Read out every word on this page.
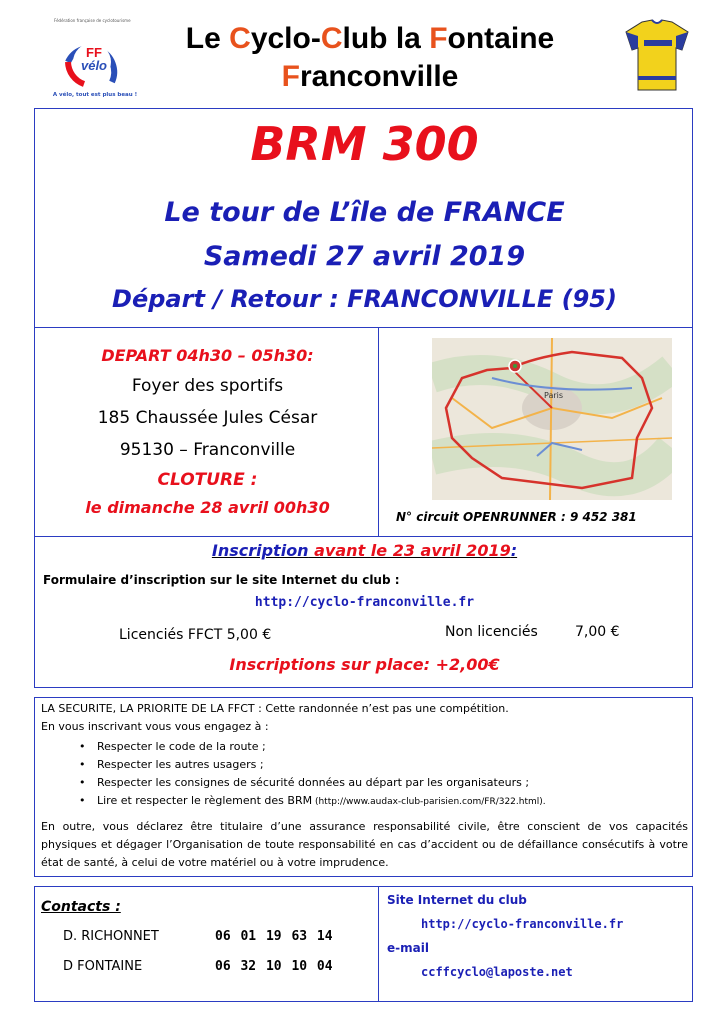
Fédération française de cyclotourisme
FF
vélo
A vélo, tout est plus beau !
Le Cyclo-Club la Fontaine
Franconville
BRM 300
Le tour de L’île de FRANCE
Samedi 27 avril 2019
Départ / Retour : FRANCONVILLE (95)
DEPART 04h30 – 05h30:
Foyer des sportifs
185 Chaussée Jules César
95130 – Franconville
CLOTURE :
le dimanche 28 avril 00h30
Paris
N° circuit OPENRUNNER : 9 452 381
Inscription avant le 23 avril 2019:
Formulaire d’inscription sur le site Internet du club :
http://cyclo-franconville.fr
Licenciés FFCT 5,00 €	Non licenciés	7,00 €
Inscriptions sur place: +2,00€
LA SECURITE, LA PRIORITE DE LA FFCT : Cette randonnée n’est pas une compétition.
En vous inscrivant vous vous engagez à :
• Respecter le code de la route ;
• Respecter les autres usagers ;
• Respecter les consignes de sécurité données au départ par les organisateurs ;
• Lire et respecter le règlement des BRM (http://www.audax-club-parisien.com/FR/322.html).
En outre, vous déclarez être titulaire d’une assurance responsabilité civile, être conscient de vos capacités physiques et dégager l’Organisation de toute responsabilité en cas d’accident ou de défaillance consécutifs à votre état de santé, à celui de votre matériel ou à votre imprudence.
Contacts :
D. RICHONNET	06 01 19 63 14
D FONTAINE	06 32 10 10 04
Site Internet du club
http://cyclo-franconville.fr
e-mail
ccffcyclo@laposte.net
